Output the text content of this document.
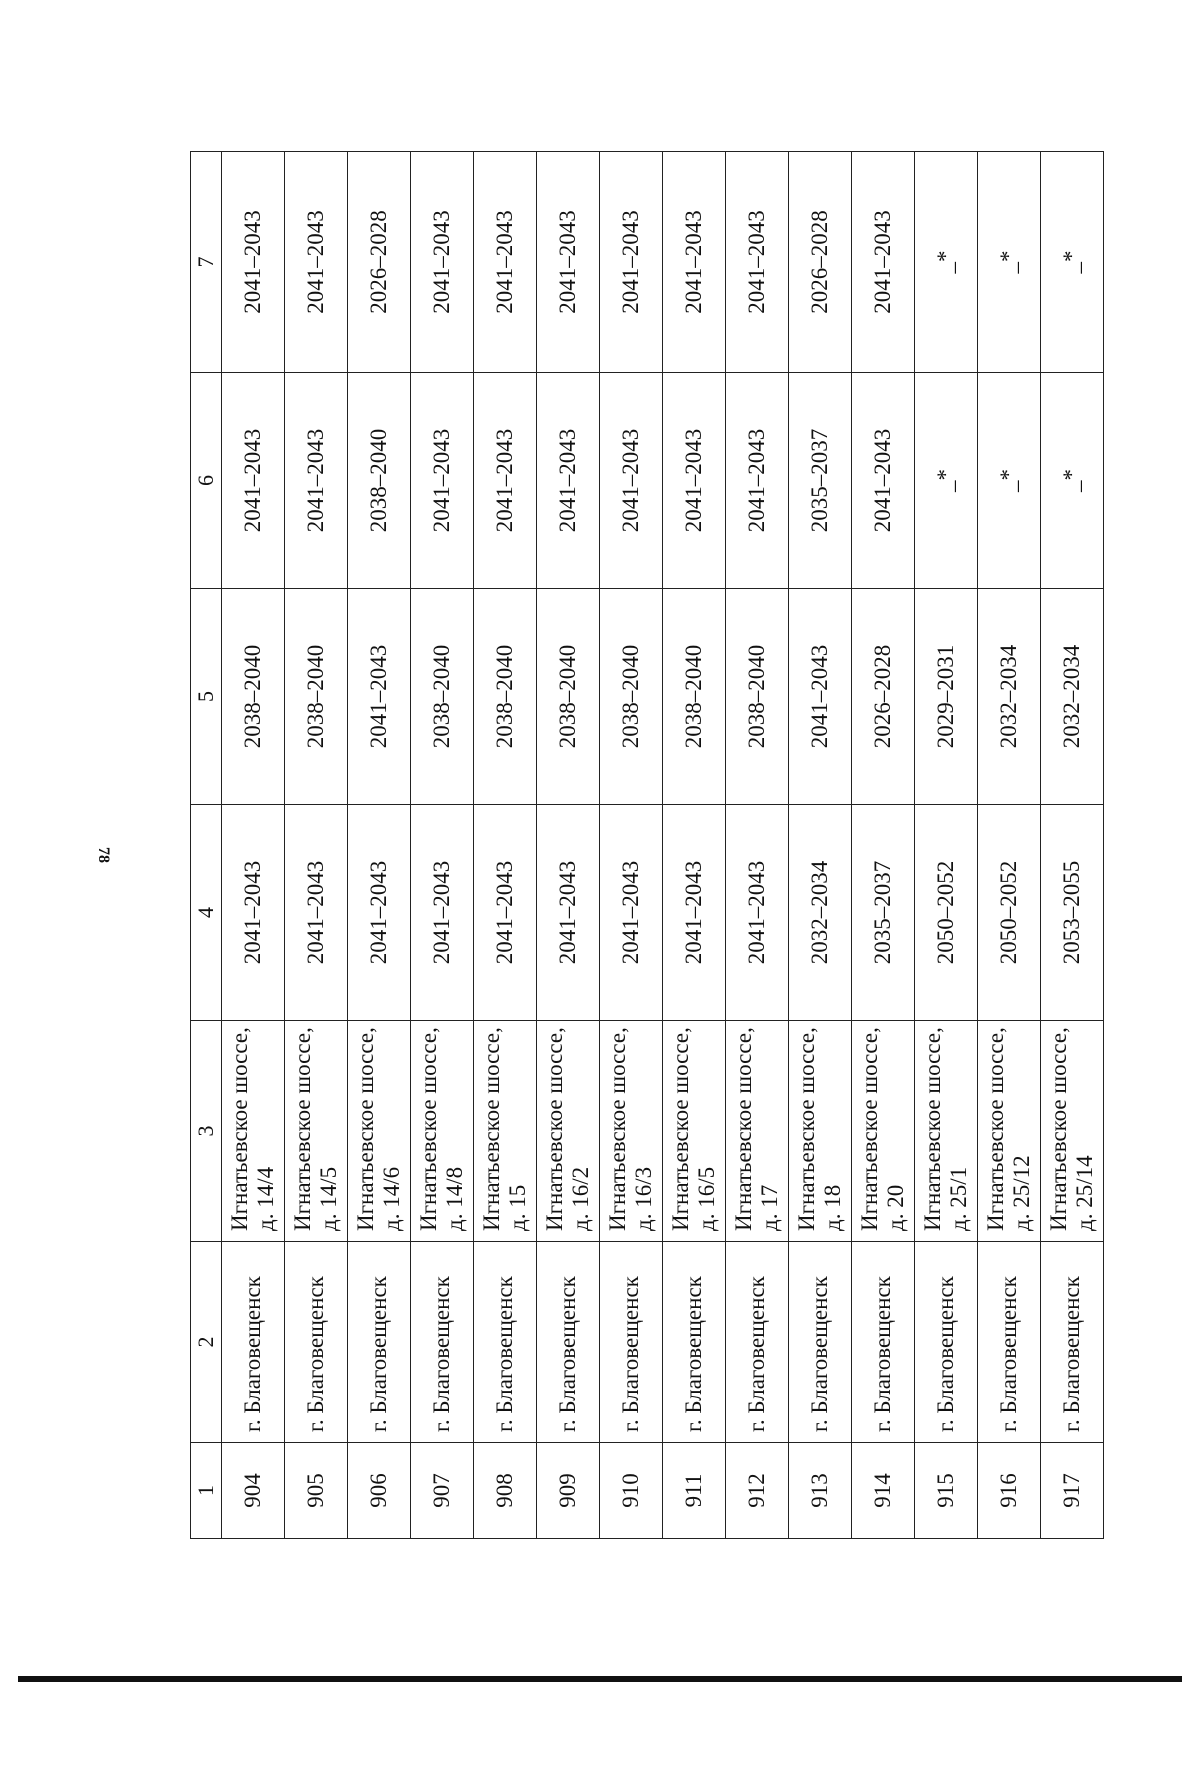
78
1	2	3	4	5	6	7
904	г. Благовещенск	Игнатьевское шоссе, д. 14/4	2041–2043	2038–2040	2041–2043	2041–2043
905	г. Благовещенск	Игнатьевское шоссе, д. 14/5	2041–2043	2038–2040	2041–2043	2041–2043
906	г. Благовещенск	Игнатьевское шоссе, д. 14/6	2041–2043	2041–2043	2038–2040	2026–2028
907	г. Благовещенск	Игнатьевское шоссе, д. 14/8	2041–2043	2038–2040	2041–2043	2041–2043
908	г. Благовещенск	Игнатьевское шоссе, д. 15	2041–2043	2038–2040	2041–2043	2041–2043
909	г. Благовещенск	Игнатьевское шоссе, д. 16/2	2041–2043	2038–2040	2041–2043	2041–2043
910	г. Благовещенск	Игнатьевское шоссе, д. 16/3	2041–2043	2038–2040	2041–2043	2041–2043
911	г. Благовещенск	Игнатьевское шоссе, д. 16/5	2041–2043	2038–2040	2041–2043	2041–2043
912	г. Благовещенск	Игнатьевское шоссе, д. 17	2041–2043	2038–2040	2041–2043	2041–2043
913	г. Благовещенск	Игнатьевское шоссе, д. 18	2032–2034	2041–2043	2035–2037	2026–2028
914	г. Благовещенск	Игнатьевское шоссе, д. 20	2035–2037	2026–2028	2041–2043	2041–2043
915	г. Благовещенск	Игнатьевское шоссе, д. 25/1	2050–2052	2029–2031	_*	_*
916	г. Благовещенск	Игнатьевское шоссе, д. 25/12	2050–2052	2032–2034	_*	_*
917	г. Благовещенск	Игнатьевское шоссе, д. 25/14	2053–2055	2032–2034	_*	_*
